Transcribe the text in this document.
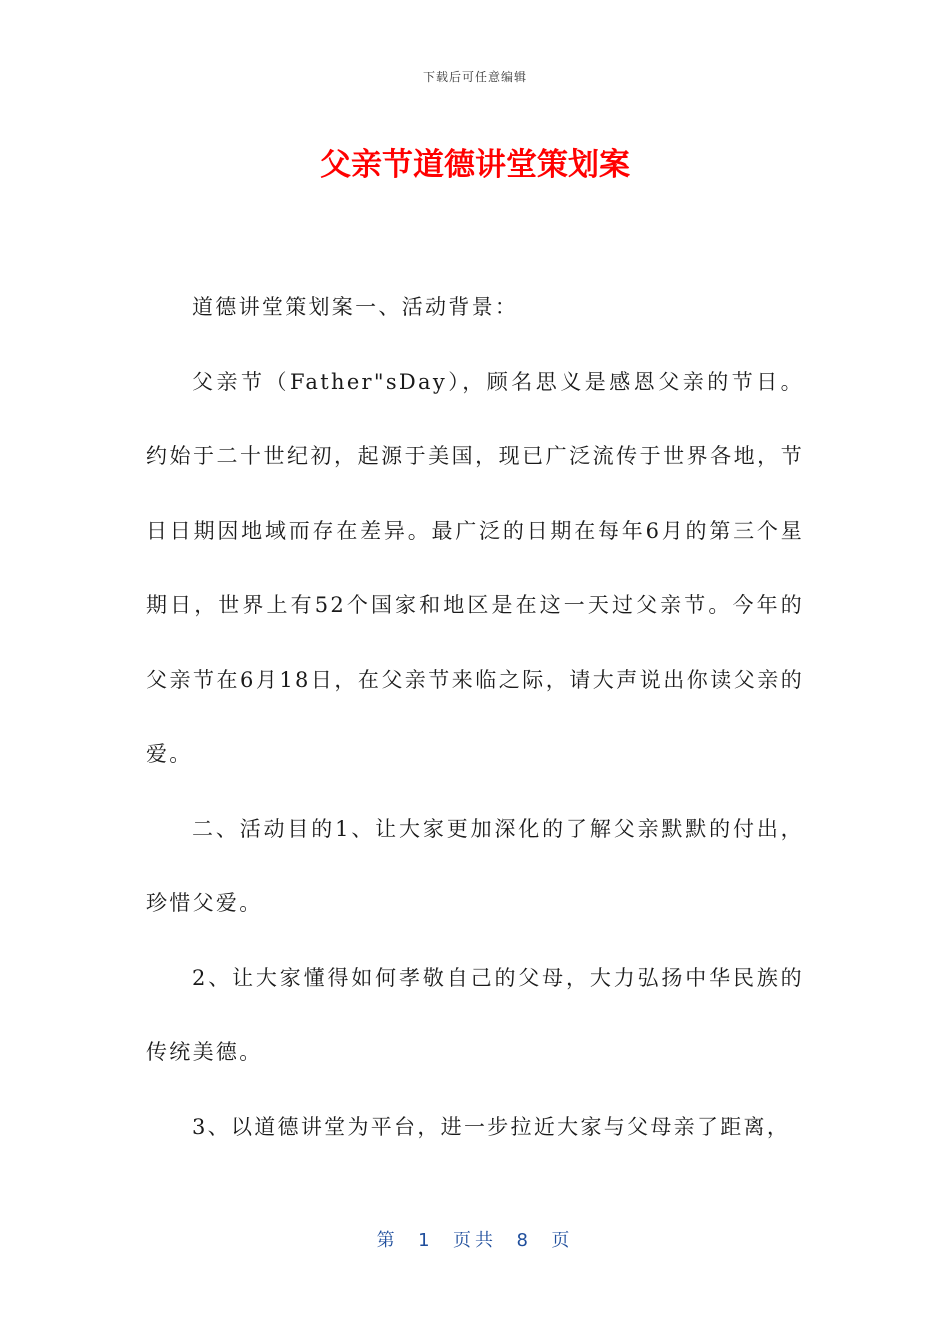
下载后可任意编辑
父亲节道德讲堂策划案

道德讲堂策划案一、活动背景：

父亲节（Father"sDay），顾名思义是感恩父亲的节日。约始于二十世纪初，起源于美国，现已广泛流传于世界各地，节日日期因地域而存在差异。最广泛的日期在每年6月的第三个星期日，世界上有52个国家和地区是在这一天过父亲节。今年的父亲节在6月18日，在父亲节来临之际，请大声说出你读父亲的爱。

二、活动目的1、让大家更加深化的了解父亲默默的付出，珍惜父爱。

2、让大家懂得如何孝敬自己的父母，大力弘扬中华民族的传统美德。

3、以道德讲堂为平台，进一步拉近大家与父母亲了距离，

第  1  页共  8  页
